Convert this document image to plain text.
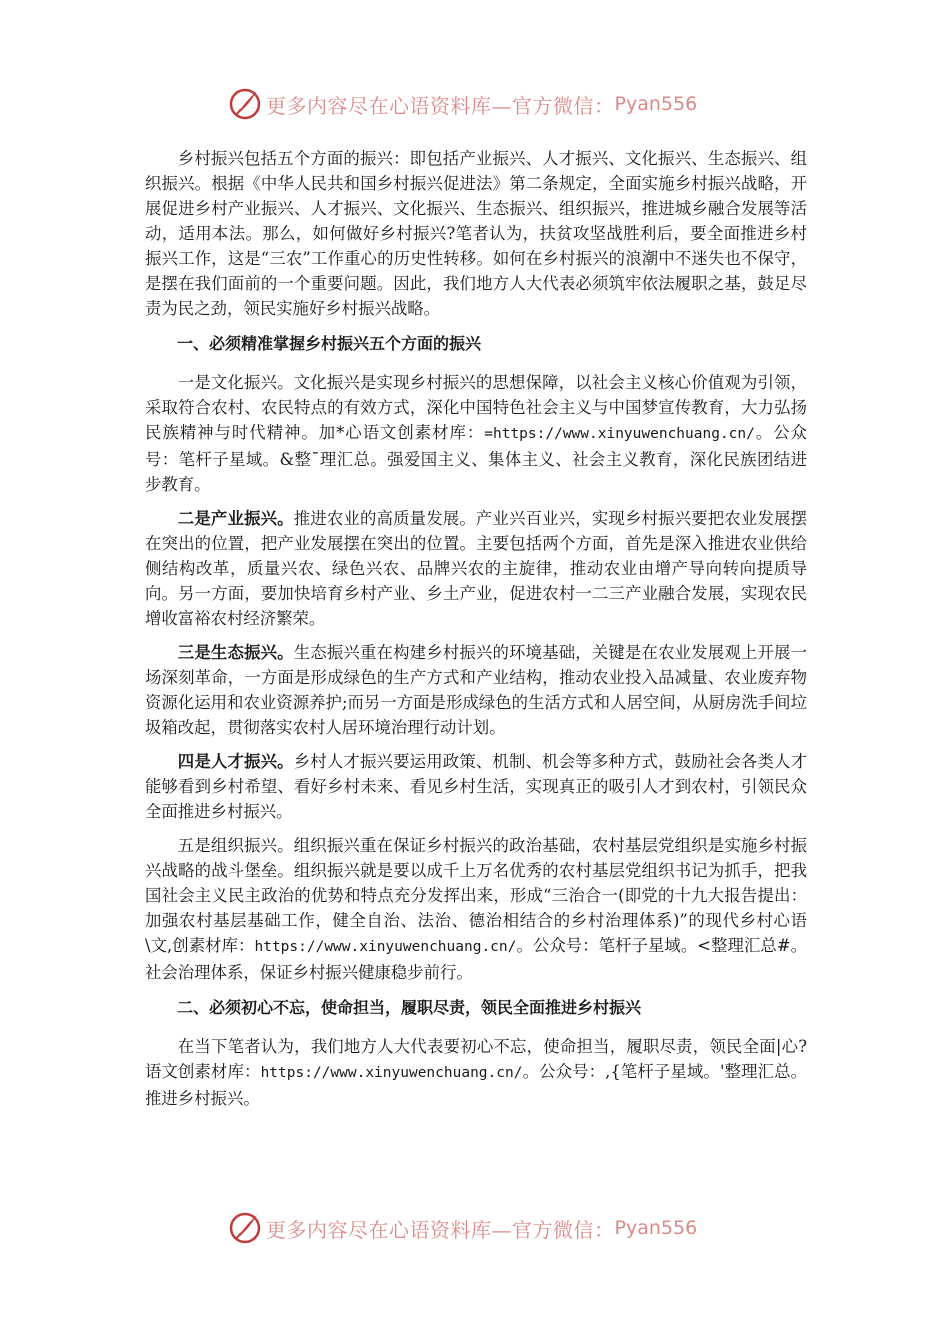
更多内容尽在心语资料库—官方微信： Pyan556

乡村振兴包括五个方面的振兴：即包括产业振兴、人才振兴、文化振兴、生态振兴、组织振兴。根据《中华人民共和国乡村振兴促进法》第二条规定，全面实施乡村振兴战略，开展促进乡村产业振兴、人才振兴、文化振兴、生态振兴、组织振兴，推进城乡融合发展等活动，适用本法。那么，如何做好乡村振兴?笔者认为，扶贫攻坚战胜利后，要全面推进乡村振兴工作，这是“三农”工作重心的历史性转移。如何在乡村振兴的浪潮中不迷失也不保守，是摆在我们面前的一个重要问题。因此，我们地方人大代表必须筑牢依法履职之基，鼓足尽责为民之劲，领民实施好乡村振兴战略。

一、必须精准掌握乡村振兴五个方面的振兴

一是文化振兴。文化振兴是实现乡村振兴的思想保障，以社会主义核心价值观为引领，采取符合农村、农民特点的有效方式，深化中国特色社会主义与中国梦宣传教育，大力弘扬民族精神与时代精神。加*心语文创素材库：=https://www.xinyuwenchuang.cn/。公众号：笔杆子星域。&整ˉ理汇总。强爱国主义、集体主义、社会主义教育，深化民族团结进步教育。

二是产业振兴。推进农业的高质量发展。产业兴百业兴，实现乡村振兴要把农业发展摆在突出的位置，把产业发展摆在突出的位置。主要包括两个方面，首先是深入推进农业供给侧结构改革，质量兴农、绿色兴农、品牌兴农的主旋律，推动农业由增产导向转向提质导向。另一方面，要加快培育乡村产业、乡土产业，促进农村一二三产业融合发展，实现农民增收富裕农村经济繁荣。

三是生态振兴。生态振兴重在构建乡村振兴的环境基础，关键是在农业发展观上开展一场深刻革命，一方面是形成绿色的生产方式和产业结构，推动农业投入品减量、农业废弃物资源化运用和农业资源养护;而另一方面是形成绿色的生活方式和人居空间，从厨房洗手间垃圾箱改起，贯彻落实农村人居环境治理行动计划。

四是人才振兴。乡村人才振兴要运用政策、机制、机会等多种方式，鼓励社会各类人才能够看到乡村希望、看好乡村未来、看见乡村生活，实现真正的吸引人才到农村，引领民众全面推进乡村振兴。

五是组织振兴。组织振兴重在保证乡村振兴的政治基础，农村基层党组织是实施乡村振兴战略的战斗堡垒。组织振兴就是要以成千上万名优秀的农村基层党组织书记为抓手，把我国社会主义民主政治的优势和特点充分发挥出来，形成“三治合一(即党的十九大报告提出：加强农村基层基础工作，健全自治、法治、德治相结合的乡村治理体系)”的现代乡村心语\文,创素材库：https://www.xinyuwenchuang.cn/。公众号：笔杆子星域。<整理汇总#。社会治理体系，保证乡村振兴健康稳步前行。

二、必须初心不忘，使命担当，履职尽责，领民全面推进乡村振兴

在当下笔者认为，我们地方人大代表要初心不忘，使命担当，履职尽责，领民全面|心?语文创素材库：https://www.xinyuwenchuang.cn/。公众号：,{笔杆子星域。'整理汇总。推进乡村振兴。

更多内容尽在心语资料库—官方微信： Pyan556
